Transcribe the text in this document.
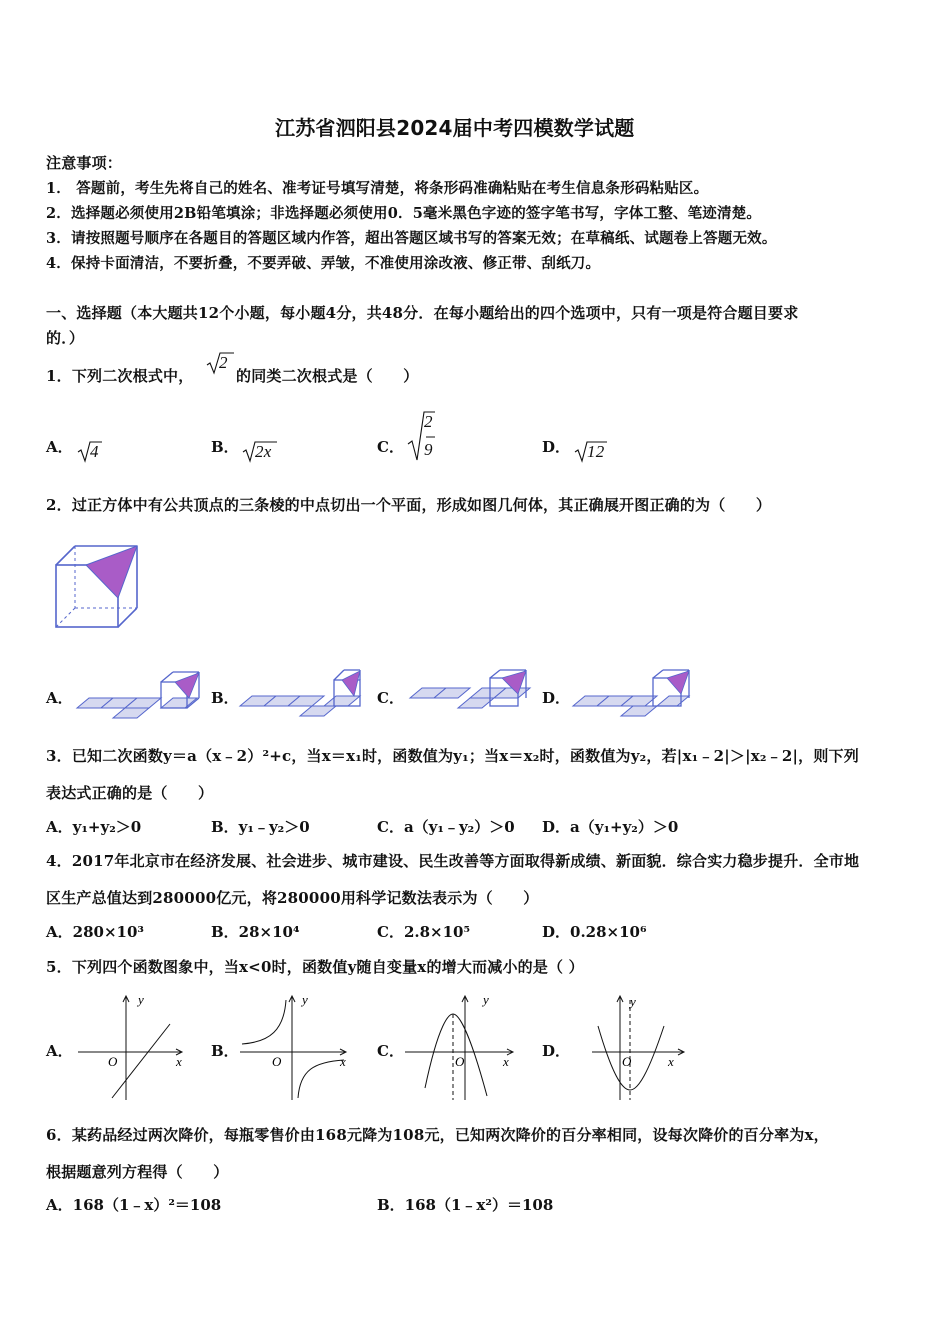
江苏省泗阳县2024届中考四模数学试题
注意事项：
1． 答题前，考生先将自己的姓名、准考证号填写清楚，将条形码准确粘贴在考生信息条形码粘贴区。
2．选择题必须使用2B铅笔填涂；非选择题必须使用0．5毫米黑色字迹的签字笔书写，字体工整、笔迹清楚。
3．请按照题号顺序在各题目的答题区域内作答，超出答题区域书写的答案无效；在草稿纸、试题卷上答题无效。
4．保持卡面清洁，不要折叠，不要弄破、弄皱，不准使用涂改液、修正带、刮纸刀。
一、选择题（本大题共12个小题，每小题4分，共48分．在每小题给出的四个选项中，只有一项是符合题目要求
的．）
1．下列二次根式中，
2
的同类二次根式是（　　）
A． 4	B． 2x	C．
2
9	D． 12
2．过正方体中有公共顶点的三条棱的中点切出一个平面，形成如图几何体，其正确展开图正确的为（　　）
A．	B．	C．	D．
3．已知二次函数y＝a（x﹣2）²+c，当x＝x₁时，函数值为y₁；当x＝x₂时，函数值为y₂，若|x₁﹣2|＞|x₂﹣2|，则下列
表达式正确的是（　　）
A．y₁+y₂＞0	B．y₁﹣y₂＞0	C．a（y₁﹣y₂）＞0 D．a（y₁+y₂）＞0
4．2017年北京市在经济发展、社会进步、城市建设、民生改善等方面取得新成绩、新面貌．综合实力稳步提升．全市地
区生产总值达到280000亿元，将280000用科学记数法表示为（　　）
A．280×10³	B．28×10⁴	C．2.8×10⁵	D．0.28×10⁶
5．下列四个函数图象中，当x<0时，函数值y随自变量x的增大而减小的是（ ）
A．
y
x
O
B．
y
x
O
C．
y
x
O
D．
y
x
O
6．某药品经过两次降价，每瓶零售价由168元降为108元，已知两次降价的百分率相同，设每次降价的百分率为x，
根据题意列方程得（　　）
A．168（1﹣x）²＝108	B．168（1﹣x²）＝108
